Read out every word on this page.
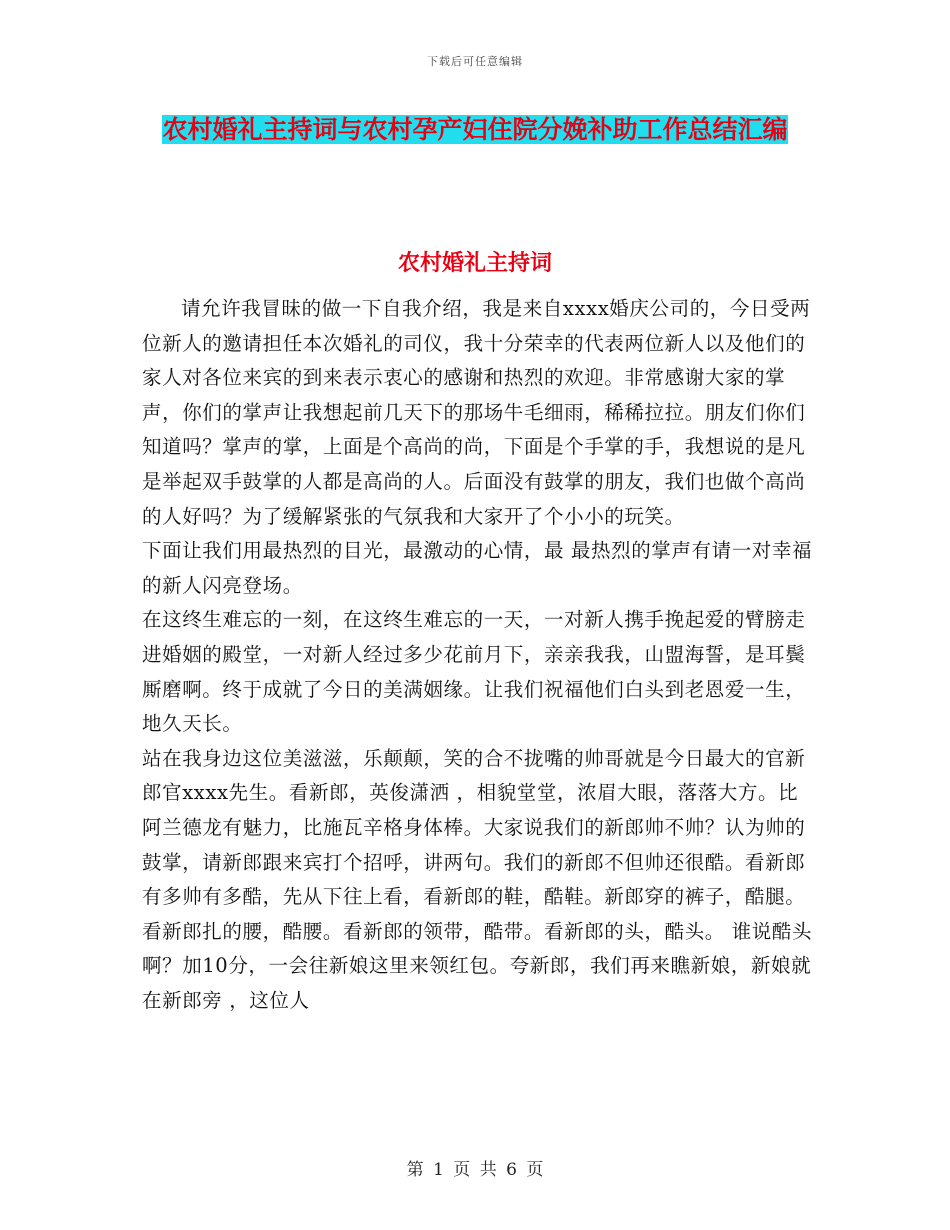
下载后可任意编辑
农村婚礼主持词与农村孕产妇住院分娩补助工作总结汇编
农村婚礼主持词

请允许我冒昧的做一下自我介绍，我是来自xxxx婚庆公司的，今日受两位新人的邀请担任本次婚礼的司仪，我十分荣幸的代表两位新人以及他们的家人对各位来宾的到来表示衷心的感谢和热烈的欢迎。非常感谢大家的掌声，你们的掌声让我想起前几天下的那场牛毛细雨，稀稀拉拉。朋友们你们知道吗？掌声的掌，上面是个高尚的尚，下面是个手掌的手，我想说的是凡是举起双手鼓掌的人都是高尚的人。后面没有鼓掌的朋友，我们也做个高尚的人好吗？为了缓解紧张的气氛我和大家开了个小小的玩笑。

下面让我们用最热烈的目光，最激动的心情，最 最热烈的掌声有请一对幸福的新人闪亮登场。

在这终生难忘的一刻，在这终生难忘的一天，一对新人携手挽起爱的臂膀走进婚姻的殿堂，一对新人经过多少花前月下，亲亲我我，山盟海誓，是耳鬓厮磨啊。终于成就了今日的美满姻缘。让我们祝福他们白头到老恩爱一生，地久天长。

站在我身边这位美滋滋，乐颠颠，笑的合不拢嘴的帅哥就是今日最大的官新郎官xxxx先生。看新郎，英俊潇洒 ，相貌堂堂，浓眉大眼，落落大方。比阿兰德龙有魅力，比施瓦辛格身体棒。大家说我们的新郎帅不帅？认为帅的鼓掌，请新郎跟来宾打个招呼，讲两句。我们的新郎不但帅还很酷。看新郎有多帅有多酷，先从下往上看，看新郎的鞋，酷鞋。新郎穿的裤子，酷腿。看新郎扎的腰，酷腰。看新郎的领带，酷带。看新郎的头，酷头。 谁说酷头啊？加10分，一会往新娘这里来领红包。夸新郎，我们再来瞧新娘，新娘就在新郎旁 ，这位人

第 1 页 共 6 页
